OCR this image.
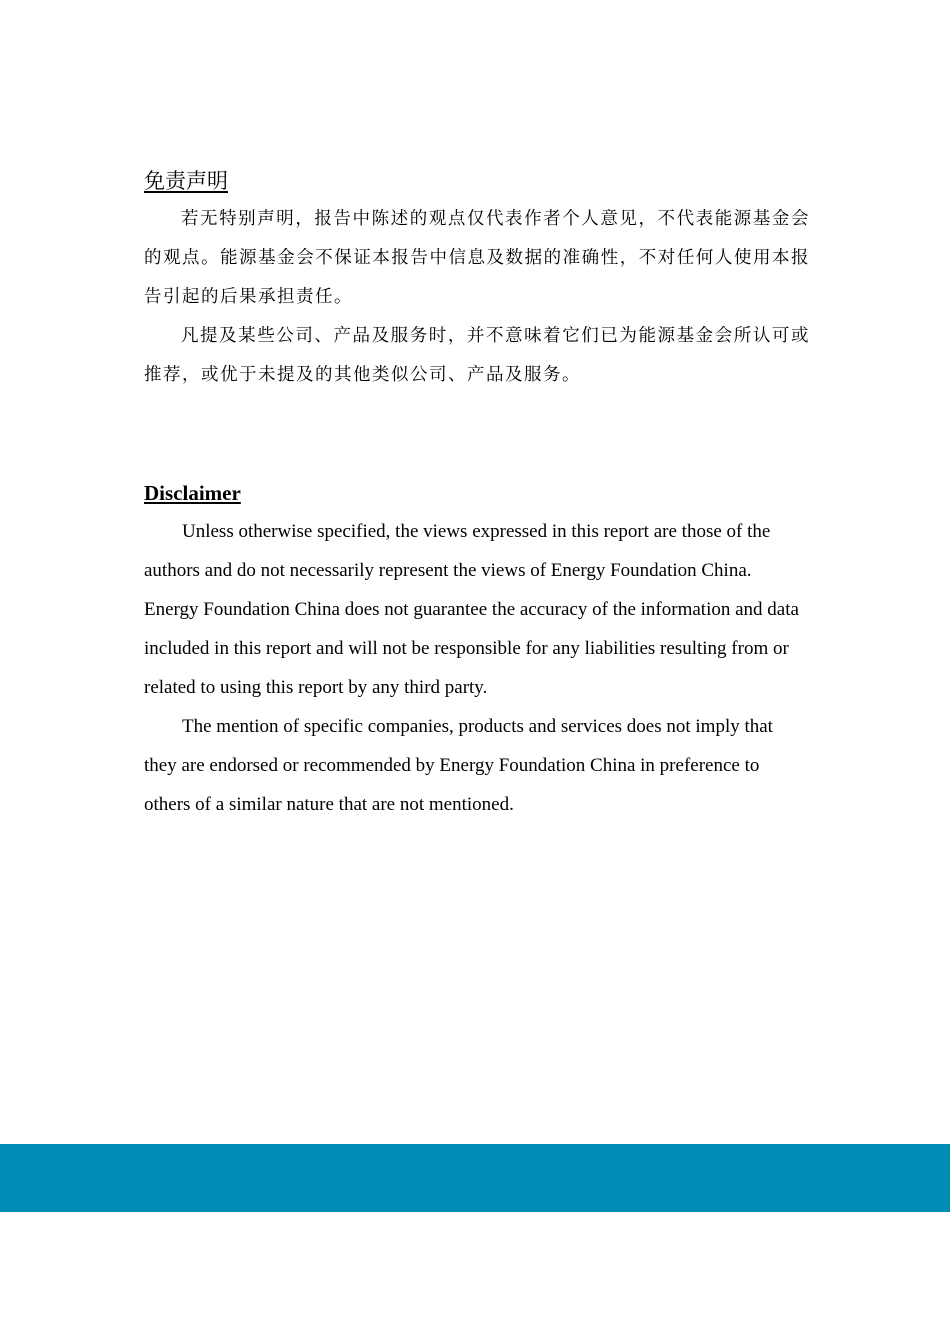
免责声明

若无特别声明，报告中陈述的观点仅代表作者个人意见，不代表能源基金会的观点。能源基金会不保证本报告中信息及数据的准确性，不对任何人使用本报告引起的后果承担责任。

凡提及某些公司、产品及服务时，并不意味着它们已为能源基金会所认可或推荐，或优于未提及的其他类似公司、产品及服务。

Disclaimer

Unless otherwise specified, the views expressed in this report are those of the authors and do not necessarily represent the views of Energy Foundation China. Energy Foundation China does not guarantee the accuracy of the information and data included in this report and will not be responsible for any liabilities resulting from or related to using this report by any third party.

The mention of specific companies, products and services does not imply that they are endorsed or recommended by Energy Foundation China in preference to others of a similar nature that are not mentioned.
